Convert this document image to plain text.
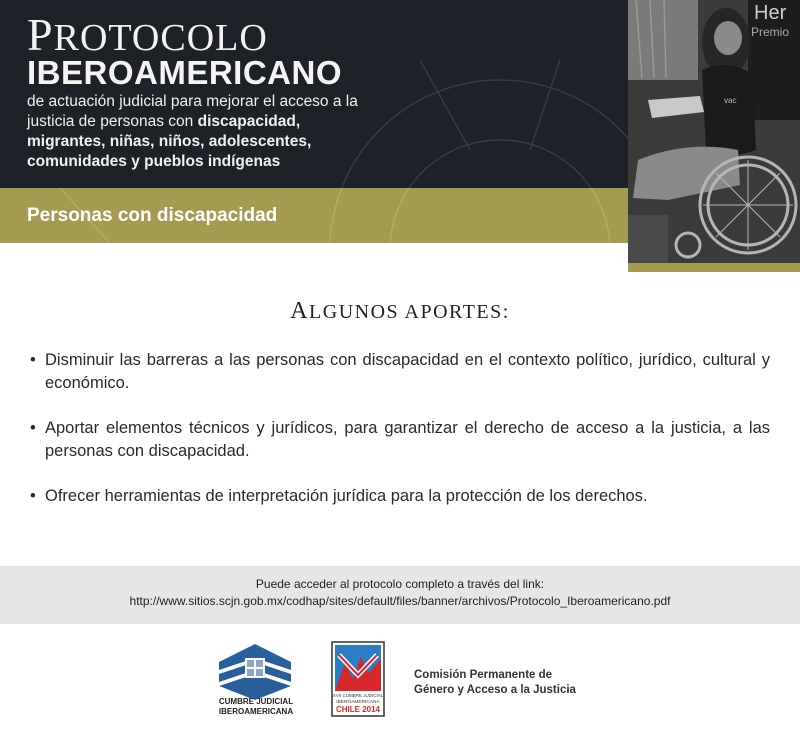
PROTOCOLO
IBEROAMERICANO
de actuación judicial para mejorar el acceso a la justicia de personas con discapacidad, migrantes, niñas, niños, adolescentes, comunidades y pueblos indígenas
Personas con discapacidad
Her
Premio
vac
ALGUNOS APORTES:
• Disminuir las barreras a las personas con discapacidad en el contexto político, jurídico, cultural y económico.
• Aportar elementos técnicos y jurídicos, para garantizar el derecho de acceso a la justicia, a las personas con discapacidad.
• Ofrecer herramientas de interpretación jurídica para la protección de los derechos.
Puede acceder al protocolo completo a través del link:
http://www.sitios.scjn.gob.mx/codhap/sites/default/files/banner/archivos/Protocolo_Iberoamericano.pdf
CUMBRE JUDICIAL
IBEROAMERICANA
XVII CUMBRE JUDICIAL
IBEROAMERICANA
CHILE 2014
Comisión Permanente de
Género y Acceso a la Justicia
